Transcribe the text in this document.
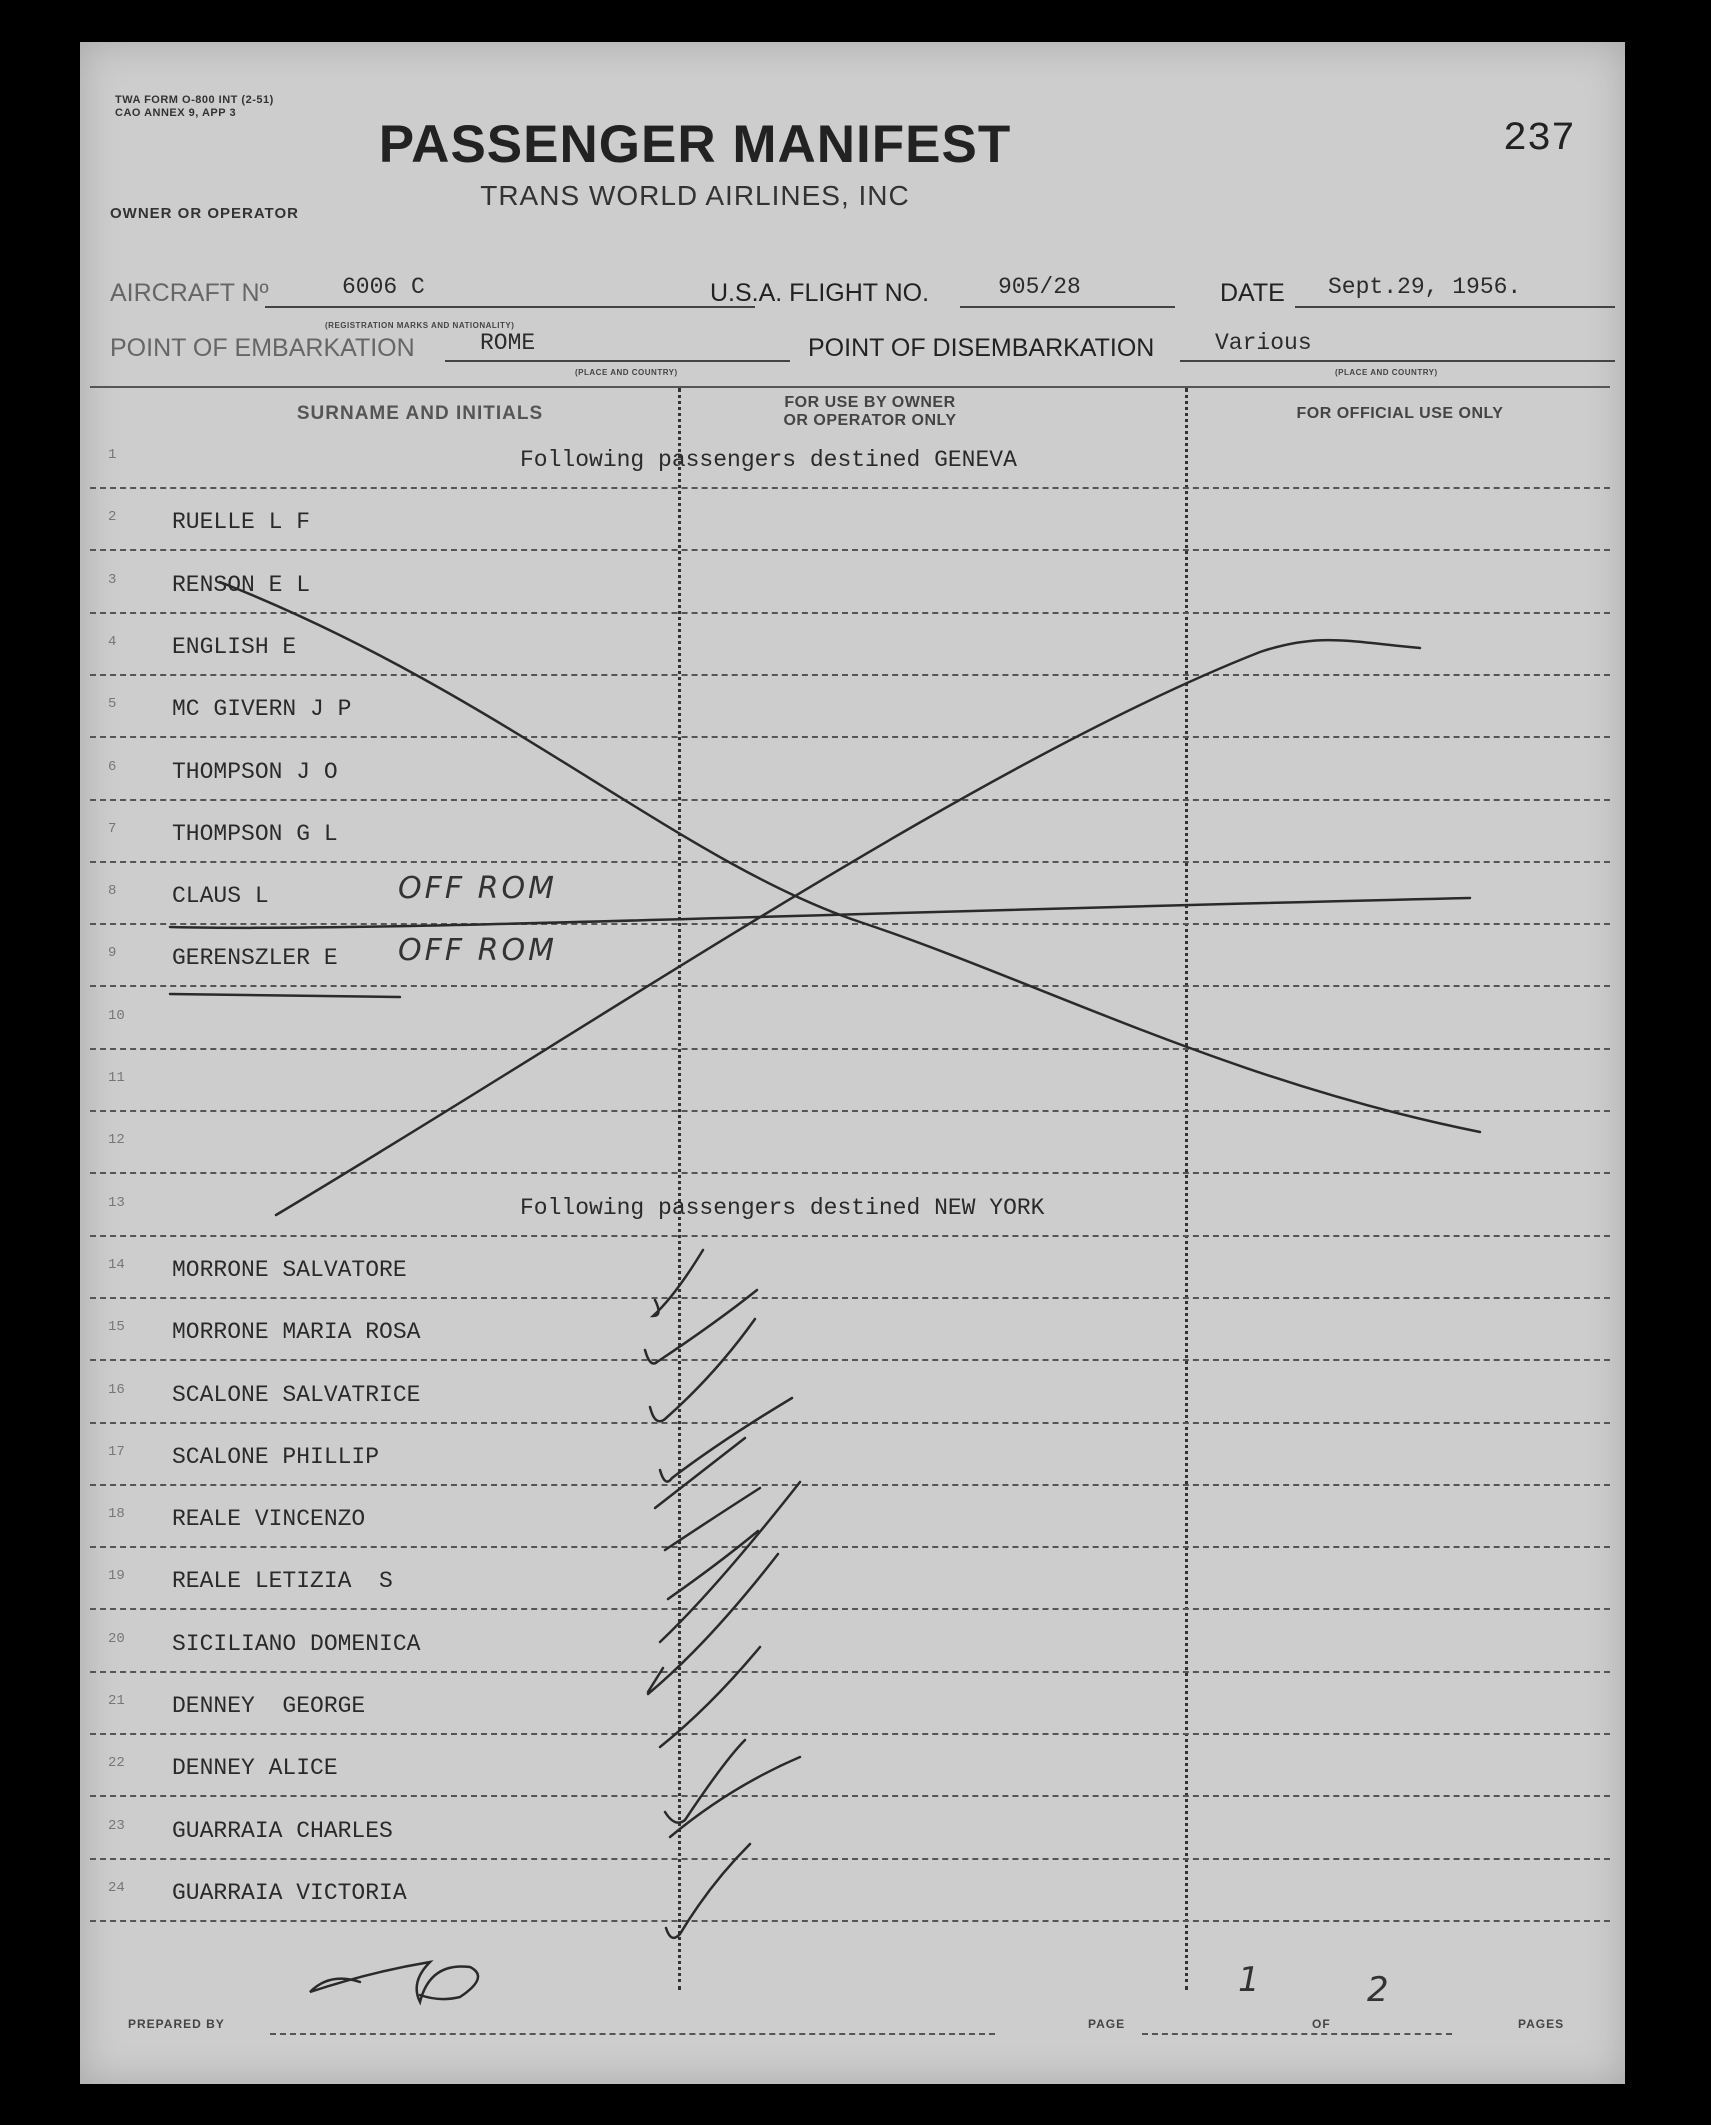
TWA FORM O-800 INT (2-51)
CAO ANNEX 9, APP 3
PASSENGER MANIFEST
TRANS WORLD AIRLINES, INC
237
OWNER OR OPERATOR
AIRCRAFT Nº	6006 C
(REGISTRATION MARKS AND NATIONALITY)
U.S.A. FLIGHT NO.	905/28	DATE Sept.29, 1956.
POINT OF EMBARKATION	ROME
(PLACE AND COUNTRY)
POINT OF DISEMBARKATION	Various
(PLACE AND COUNTRY)
SURNAME AND INITIALS
FOR USE BY OWNER
OR OPERATOR ONLY	FOR OFFICIAL USE ONLY
1	Following passengers destined GENEVA
2 RUELLE L F
3 RENSON E L
4 ENGLISH E
5 MC GIVERN J P
6 THOMPSON J O
7 THOMPSON G L
8 CLAUS L	OFF ROM
9 GERENSZLER E OFF ROM
10
11
12
13	Following passengers destined NEW YORK
14 MORRONE SALVATORE
15 MORRONE MARIA ROSA
16 SCALONE SALVATRICE
17 SCALONE PHILLIP
18 REALE VINCENZO
19 REALE LETIZIA  S
20 SICILIANO DOMENICA
21 DENNEY  GEORGE
22 DENNEY ALICE
23 GUARRAIA CHARLES
24 GUARRAIA VICTORIA
PREPARED BY	PAGE
1
OF
2
PAGES
